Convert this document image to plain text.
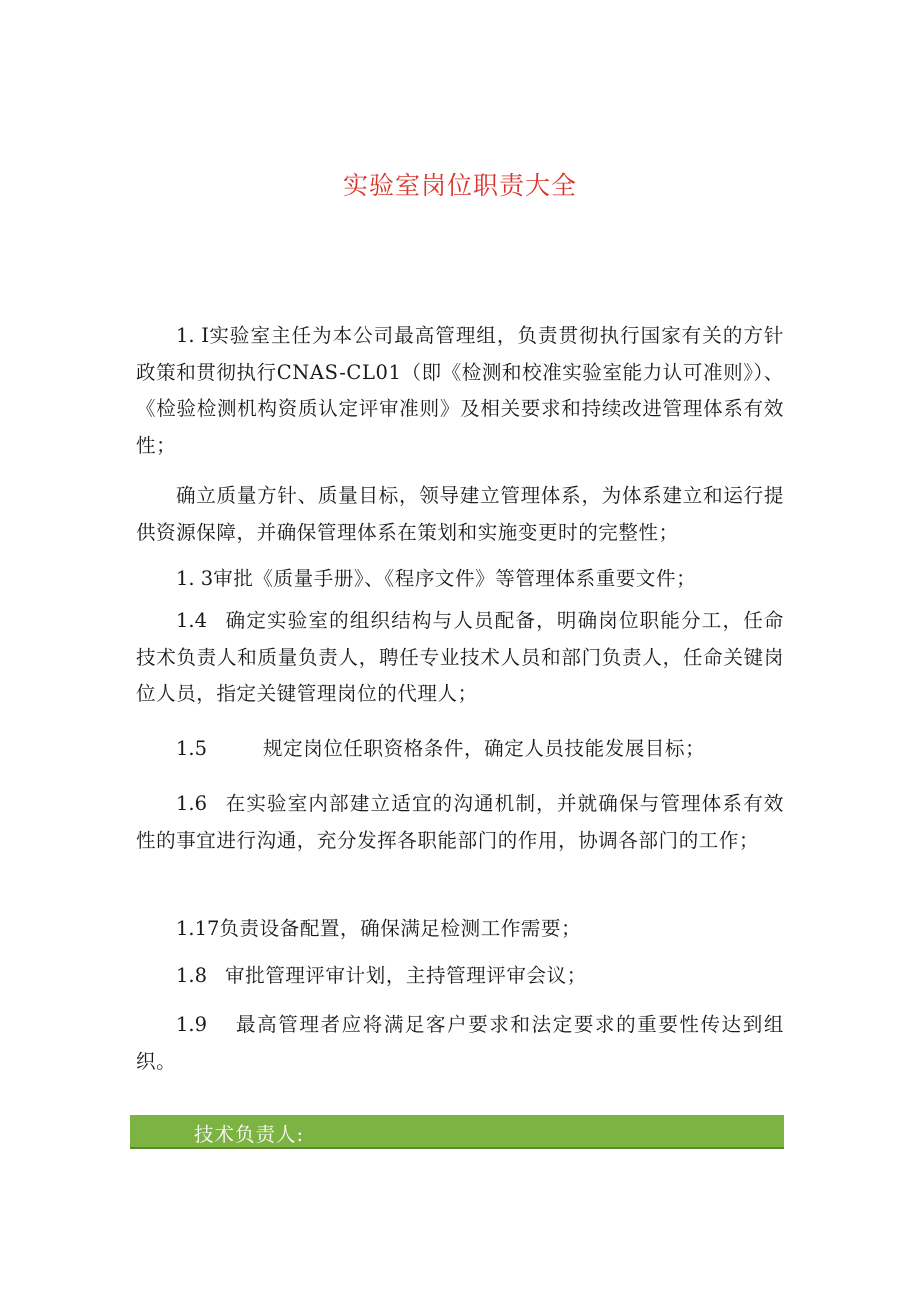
实验室岗位职责大全

1. I实验室主任为本公司最高管理组，负责贯彻执行国家有关的方针政策和贯彻执行CNAS-CL01（即《检测和校准实验室能力认可准则》）、《检验检测机构资质认定评审准则》及相关要求和持续改进管理体系有效性；

确立质量方针、质量目标，领导建立管理体系，为体系建立和运行提供资源保障，并确保管理体系在策划和实施变更时的完整性；

1. 3审批《质量手册》、《程序文件》等管理体系重要文件；

1.4 确定实验室的组织结构与人员配备，明确岗位职能分工，任命技术负责人和质量负责人，聘任专业技术人员和部门负责人，任命关键岗位人员，指定关键管理岗位的代理人；

1.5	规定岗位任职资格条件，确定人员技能发展目标；

1.6 在实验室内部建立适宜的沟通机制，并就确保与管理体系有效性的事宜进行沟通，充分发挥各职能部门的作用，协调各部门的工作；

1.17负责设备配置，确保满足检测工作需要；

1.8 审批管理评审计划，主持管理评审会议；

1.9 最高管理者应将满足客户要求和法定要求的重要性传达到组织。

技术负责人:
